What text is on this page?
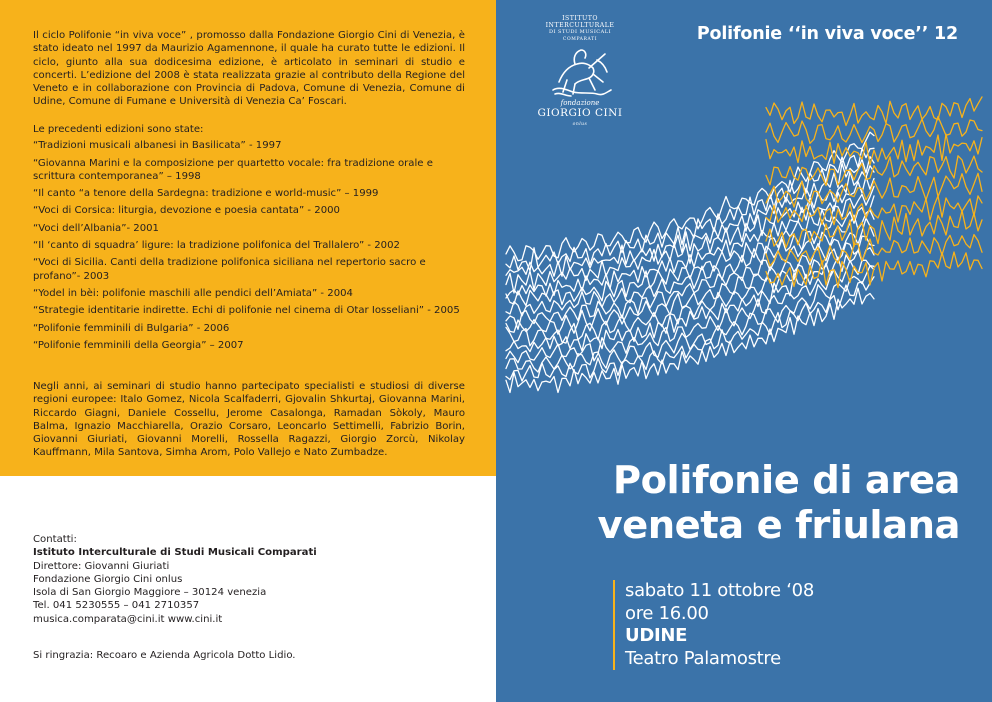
Il ciclo Polifonie “in viva voce” , promosso dalla Fondazione Giorgio Cini di Venezia, è stato ideato nel 1997 da Maurizio Agamennone, il quale ha curato tutte le edizioni. Il ciclo, giunto alla sua dodicesima edizione, è articolato in seminari di studio e concerti. L’edizione del 2008 è stata realizzata grazie al contributo della Regione del Veneto e in collaborazione con Provincia di Padova, Comune di Venezia, Comune di Udine, Comune di Fumane e Università di Venezia Ca’ Foscari.

Le precedenti edizioni sono state:
“Tradizioni musicali albanesi in Basilicata” - 1997
“Giovanna Marini e la composizione per quartetto vocale: fra tradizione orale e scrittura contemporanea” – 1998
“Il canto “a tenore della Sardegna: tradizione e world-music” – 1999
“Voci di Corsica: liturgia, devozione e poesia cantata” - 2000
“Voci dell’Albania”- 2001
“Il ‘canto di squadra’ ligure: la tradizione polifonica del Trallalero” - 2002
“Voci di Sicilia. Canti della tradizione polifonica siciliana nel repertorio sacro e profano”- 2003
“Yodel in bèi: polifonie maschili alle pendici dell’Amiata” - 2004
“Strategie identitarie indirette. Echi di polifonie nel cinema di Otar Iosseliani” - 2005
“Polifonie femminili di Bulgaria” - 2006
“Polifonie femminili della Georgia” – 2007

Negli anni, ai seminari di studio hanno partecipato specialisti e studiosi di diverse regioni europee: Italo Gomez, Nicola Scalfaderri, Gjovalin Shkurtaj, Giovanna Marini, Riccardo Giagni, Daniele Cossellu, Jerome Casalonga, Ramadan Sòkoly, Mauro Balma, Ignazio Macchiarella, Orazio Corsaro, Leoncarlo Settimelli, Fabrizio Borin, Giovanni Giuriati, Giovanni Morelli, Rossella Ragazzi, Giorgio Zorcù, Nikolay Kauffmann, Mila Santova, Simha Arom, Polo Vallejo e Nato Zumbadze.

Contatti:
Istituto Interculturale di Studi Musicali Comparati
Direttore: Giovanni Giuriati
Fondazione Giorgio Cini onlus
Isola di San Giorgio Maggiore – 30124 venezia
Tel. 041 5230555 – 041 2710357
musica.comparata@cini.it www.cini.it
Si ringrazia: Recoaro e Azienda Agricola Dotto Lidio.
ISTITUTO INTERCULTURALE
DI STUDI MUSICALI
COMPARATI
fondazione
GIORGIO CINI $^{onlus}$
Polifonie ‘‘in viva voce’’ 12
Polifonie di area
veneta e friulana
sabato 11 ottobre ‘08
ore 16.00
UDINE
Teatro Palamostre
